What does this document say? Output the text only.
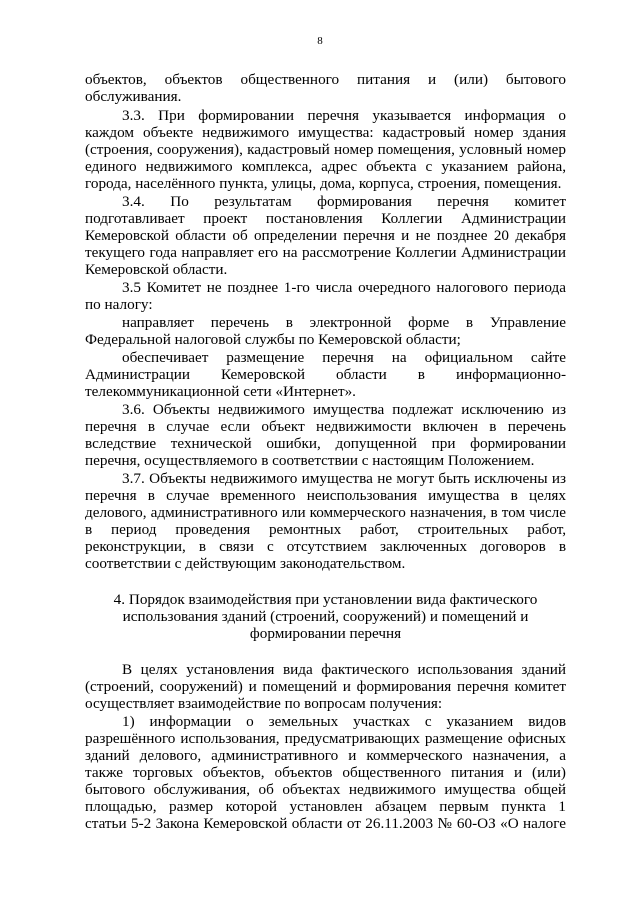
8
объектов, объектов общественного питания и (или) бытового
обслуживания.
3.3. При формировании перечня указывается информация о
каждом объекте недвижимого имущества: кадастровый номер здания
(строения, сооружения), кадастровый номер помещения, условный номер
единого недвижимого комплекса, адрес объекта с указанием района,
города, населённого пункта, улицы, дома, корпуса, строения, помещения.
3.4. По результатам формирования перечня комитет
подготавливает проект постановления Коллегии Администрации
Кемеровской области об определении перечня и не позднее 20 декабря
текущего года направляет его на рассмотрение Коллегии Администрации
Кемеровской области.
3.5 Комитет не позднее 1-го числа очередного налогового периода
по налогу:
направляет перечень в электронной форме в Управление
Федеральной налоговой службы по Кемеровской области;
обеспечивает размещение перечня на официальном сайте
Администрации Кемеровской области в информационно-
телекоммуникационной сети «Интернет».
3.6. Объекты недвижимого имущества подлежат исключению из
перечня в случае если объект недвижимости включен в перечень
вследствие технической ошибки, допущенной при формировании
перечня, осуществляемого в соответствии с настоящим Положением.
3.7. Объекты недвижимого имущества не могут быть исключены из
перечня в случае временного неиспользования имущества в целях
делового, административного или коммерческого назначения, в том числе
в период проведения ремонтных работ, строительных работ,
реконструкции, в связи с отсутствием заключенных договоров в
соответствии с действующим законодательством.
4. Порядок взаимодействия при установлении вида фактического
использования зданий (строений, сооружений) и помещений и
формировании перечня
В целях установления вида фактического использования зданий
(строений, сооружений) и помещений и формирования перечня комитет
осуществляет взаимодействие по вопросам получения:
1) информации о земельных участках с указанием видов
разрешённого использования, предусматривающих размещение офисных
зданий делового, административного и коммерческого назначения, а
также торговых объектов, объектов общественного питания и (или)
бытового обслуживания, об объектах недвижимого имущества общей
площадью, размер которой установлен абзацем первым пункта 1
статьи 5-2 Закона Кемеровской области от 26.11.2003 № 60-ОЗ «О налоге
